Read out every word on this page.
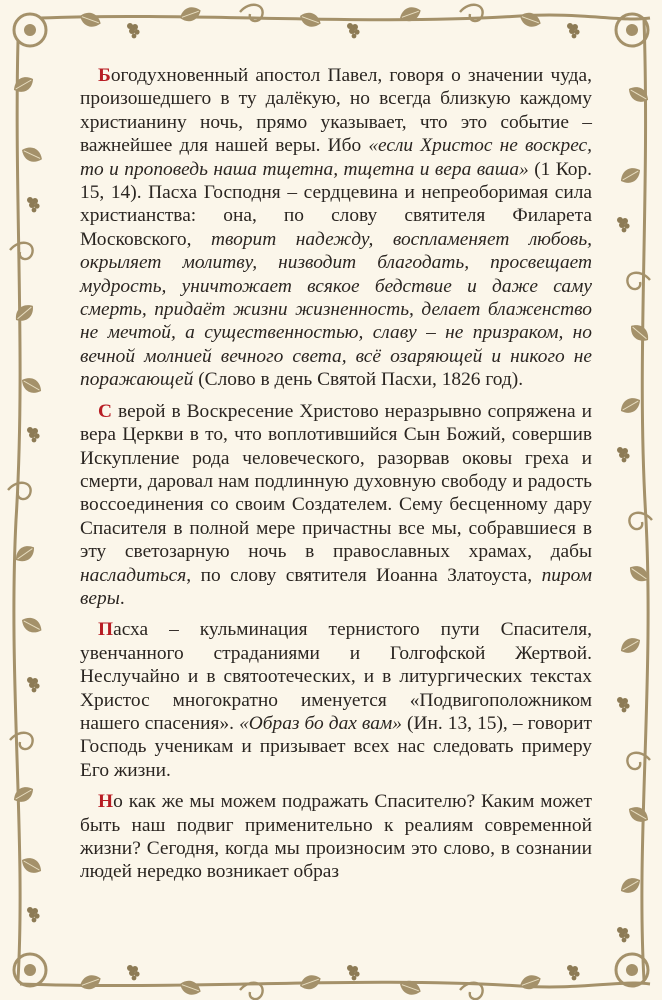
Богодухновенный апостол Павел, говоря о значении чуда, произошедшего в ту далёкую, но всегда близкую каждому христианину ночь, прямо указывает, что это событие – важнейшее для нашей веры. Ибо «если Христос не воскрес, то и проповедь наша тщетна, тщетна и вера ваша» (1 Кор. 15, 14). Пасха Господня – сердцевина и непреоборимая сила христианства: она, по слову святителя Филарета Московского, творит надежду, воспламеняет любовь, окрыляет молитву, низводит благодать, просвещает мудрость, уничтожает всякое бедствие и даже саму смерть, придаёт жизни жизненность, делает блаженство не мечтой, а существенностью, славу – не призраком, но вечной молнией вечного света, всё озаряющей и никого не поражающей (Слово в день Святой Пасхи, 1826 год).

С верой в Воскресение Христово неразрывно сопряжена и вера Церкви в то, что воплотившийся Сын Божий, совершив Искупление рода человеческого, разорвав оковы греха и смерти, даровал нам подлинную духовную свободу и радость воссоединения со своим Создателем. Сему бесценному дару Спасителя в полной мере причастны все мы, собравшиеся в эту светозарную ночь в православных храмах, дабы насладиться, по слову святителя Иоанна Златоуста, пиром веры.

Пасха – кульминация тернистого пути Спасителя, увенчанного страданиями и Голгофской Жертвой. Неслучайно и в святоотеческих, и в литургических текстах Христос многократно именуется «Подвигоположником нашего спасения». «Образ бо дах вам» (Ин. 13, 15), – говорит Господь ученикам и призывает всех нас следовать примеру Его жизни.

Но как же мы можем подражать Спасителю? Каким может быть наш подвиг применительно к реалиям современной жизни? Сегодня, когда мы произносим это слово, в сознании людей нередко возникает образ
